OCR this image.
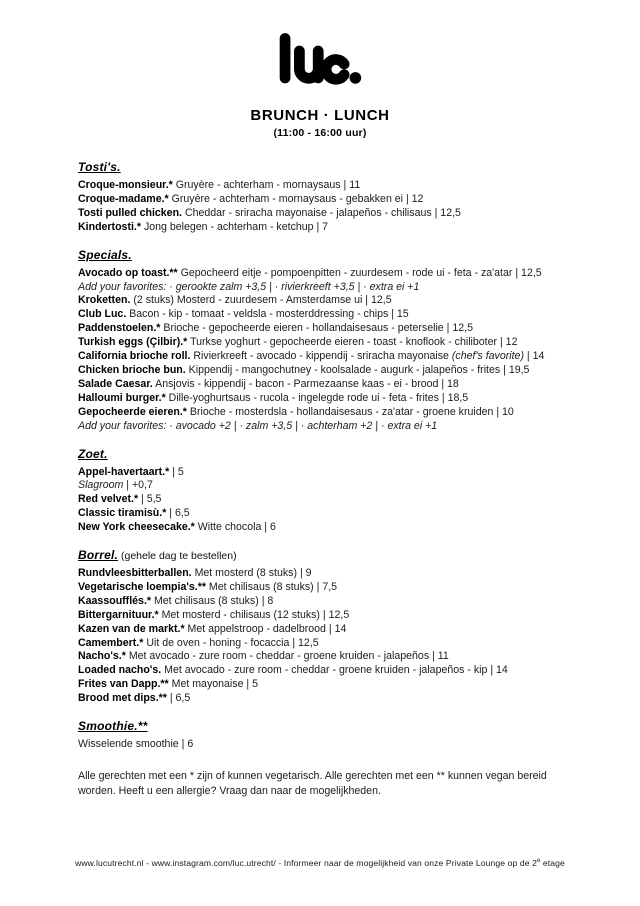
BRUNCH · LUNCH
(11:00 - 16:00 uur)
Tosti's.
Croque-monsieur.* Gruyère - achterham - mornaysaus | 11
Croque-madame.* Gruyère - achterham - mornaysaus - gebakken ei | 12
Tosti pulled chicken. Cheddar - sriracha mayonaise - jalapeños - chilisaus | 12,5
Kindertosti.* Jong belegen - achterham - ketchup | 7
Specials.
Avocado op toast.** Gepocheerd eitje - pompoenpitten - zuurdesem - rode ui - feta - za'atar | 12,5
Add your favorites: · gerookte zalm +3,5 | · rivierkreeft +3,5 | · extra ei +1
Kroketten. (2 stuks) Mosterd - zuurdesem - Amsterdamse ui | 12,5
Club Luc. Bacon - kip - tomaat - veldsla - mosterddressing - chips | 15
Paddenstoelen.* Brioche - gepocheerde eieren - hollandaisesaus - peterselie | 12,5
Turkish eggs (Çilbir).* Turkse yoghurt - gepocheerde eieren - toast - knoflook - chiliboter | 12
California brioche roll. Rivierkreeft - avocado - kippendij - sriracha mayonaise (chef's favorite) | 14
Chicken brioche bun. Kippendij - mangochutney - koolsalade - augurk - jalapeños - frites | 19,5
Salade Caesar. Ansjovis - kippendij - bacon - Parmezaanse kaas - ei - brood | 18
Halloumi burger.* Dille-yoghurtsaus - rucola - ingelegde rode ui - feta - frites | 18,5
Gepocheerde eieren.* Brioche - mosterdsla - hollandaisesaus - za'atar - groene kruiden | 10
Add your favorites: · avocado +2 | · zalm +3,5 | · achterham +2 | · extra ei +1
Zoet.
Appel-havertaart.* | 5
Slagroom | +0,7
Red velvet.* | 5,5
Classic tiramisù.* | 6,5
New York cheesecake.* Witte chocola | 6
Borrel. (gehele dag te bestellen)
Rundvleesbitterballen. Met mosterd (8 stuks) | 9
Vegetarische loempia's.** Met chilisaus (8 stuks) | 7,5
Kaassoufflés.* Met chilisaus (8 stuks) | 8
Bittergarnituur.* Met mosterd - chilisaus (12 stuks) | 12,5
Kazen van de markt.* Met appelstroop - dadelbrood | 14
Camembert.* Uit de oven - honing - focaccia | 12,5
Nacho's.* Met avocado - zure room - cheddar - groene kruiden - jalapeños | 11
Loaded nacho's. Met avocado - zure room - cheddar - groene kruiden - jalapeños - kip | 14
Frites van Dapp.** Met mayonaise | 5
Brood met dips.** | 6,5
Smoothie.**
Wisselende smoothie | 6

Alle gerechten met een * zijn of kunnen vegetarisch. Alle gerechten met een ** kunnen vegan bereid worden. Heeft u een allergie? Vraag dan naar de mogelijkheden.

www.lucutrecht.nl - www.instagram.com/luc.utrecht/ - Informeer naar de mogelijkheid van onze Private Lounge op de 2e etage
